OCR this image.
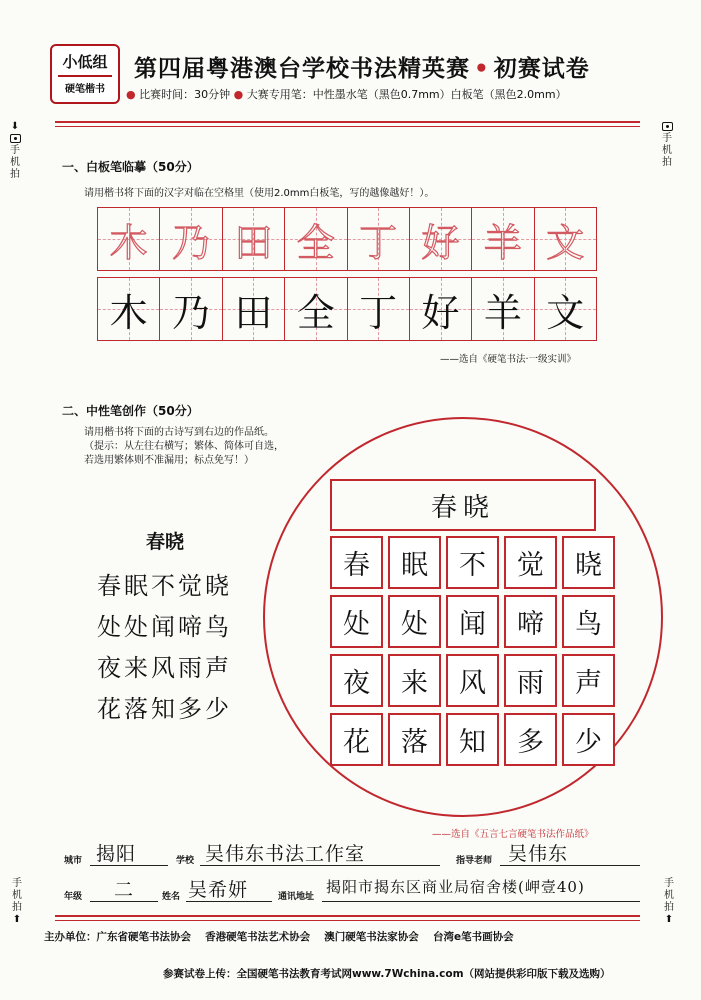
小低组
硬笔楷书
第四届粤港澳台学校书法精英赛 • 初赛试卷
● 比赛时间：30分钟 ● 大赛专用笔：中性墨水笔（黑色0.7mm）白板笔（黑色2.0mm）
⬇
手
机
拍
手
机
拍
一、白板笔临摹（50分）
请用楷书将下面的汉字对临在空格里（使用2.0mm白板笔，写的越像越好！）。
木 乃 田 全 丁 好 羊 文
木 乃 田 全 丁 好 羊 文
——选自《硬笔书法·一级实训》
二、中性笔创作（50分）
请用楷书将下面的古诗写到右边的作品纸。
（提示：从左往右横写；繁体、简体可自选，
若选用繁体则不准漏用；标点免写！）
春晓
春眠不觉晓
处处闻啼鸟
夜来风雨声
花落知多少
春晓
春	眠	不	觉	晓
处	处	闻	啼	鸟
夜	来	风	雨	声
花	落	知	多	少
——选自《五言七言硬笔书法作品纸》
城市 揭阳	学校 吴伟东书法工作室	指导老师 吴伟东
年级 二	姓名 吴希妍	通讯地址
揭阳市揭东区商业局宿舍楼(岬壹40)
手
机
拍
⬆
手
机
拍
⬆
主办单位：广东省硬笔书法协会　 香港硬笔书法艺术协会　 澳门硬笔书法家协会　 台湾e笔书画协会
参赛试卷上传：全国硬笔书法教育考试网www.7Wchina.com（网站提供彩印版下载及选购）
